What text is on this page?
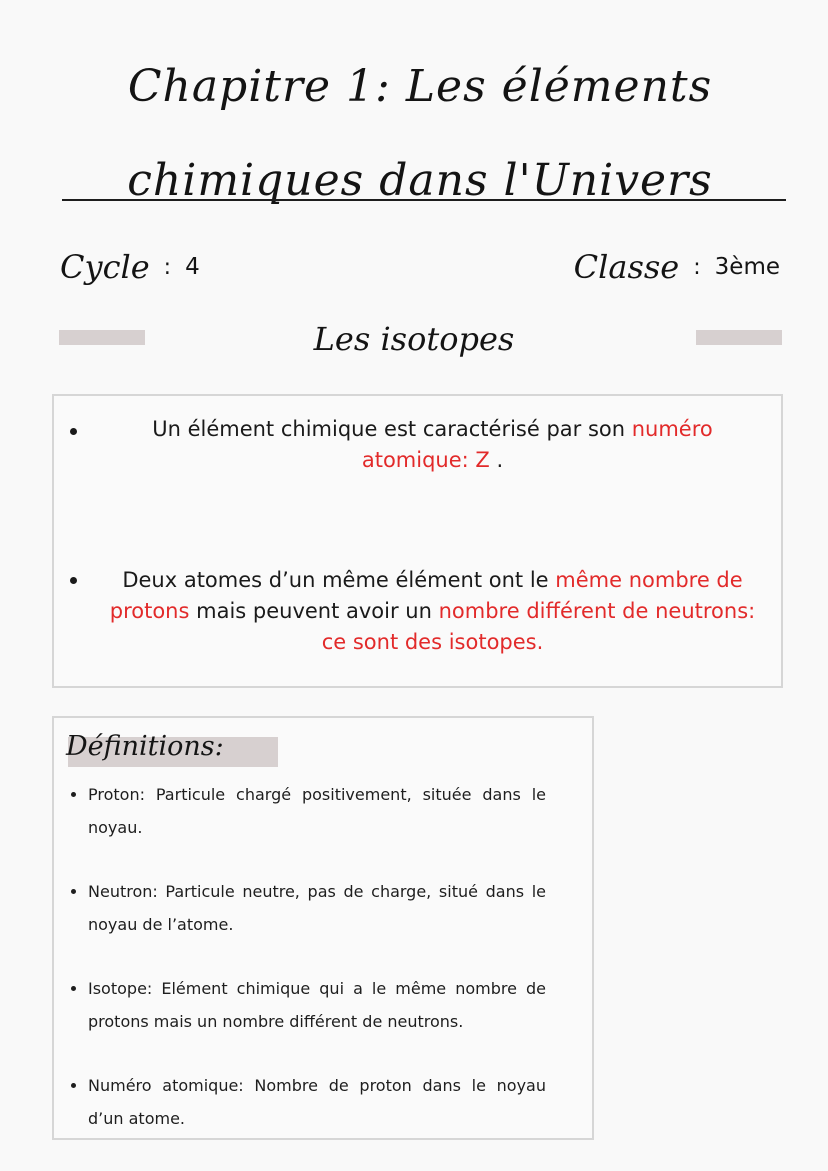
Chapitre 1: Les éléments chimiques dans l'Univers
Cycle : 4	Classe : 3ème
Les isotopes
Un élément chimique est caractérisé par son numéro atomique: Z .
Deux atomes d’un même élément ont le même nombre de protons mais peuvent avoir un nombre différent de neutrons: ce sont des isotopes.
Définitions:
Proton: Particule chargé positivement, située dans le noyau.
Neutron: Particule neutre, pas de charge, situé dans le noyau de l’atome.
Isotope: Elément chimique qui a le même nombre de protons mais un nombre différent de neutrons.
Numéro atomique: Nombre de proton dans le noyau d’un atome.
